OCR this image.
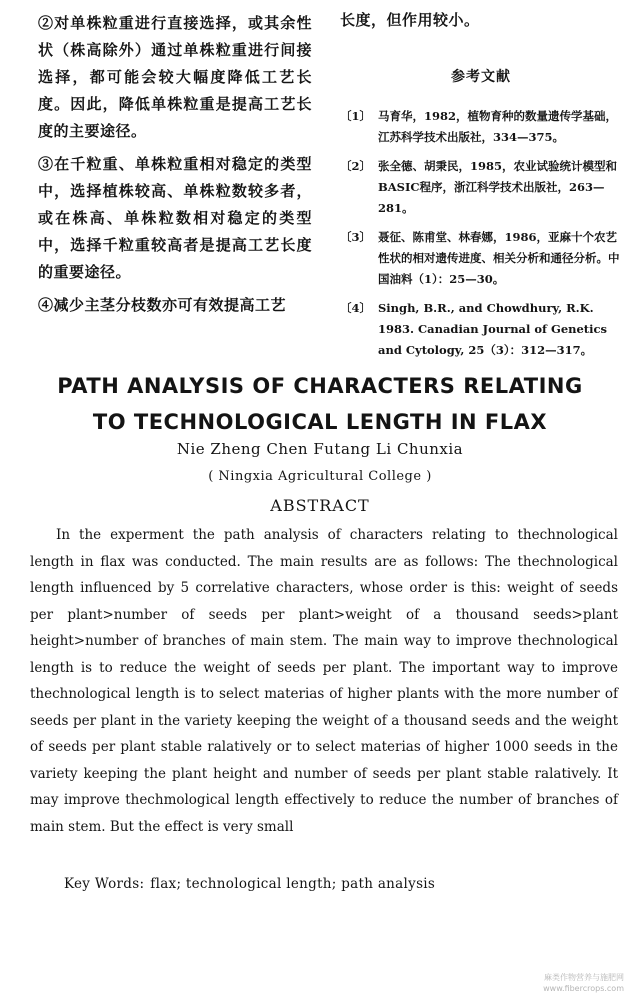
②对单株粒重进行直接选择，或其余性状（株高除外）通过单株粒重进行间接选择，都可能会较大幅度降低工艺长度。因此，降低单株粒重是提高工艺长度的主要途径。

③在千粒重、单株粒重相对稳定的类型中，选择植株较高、单株粒数较多者，或在株高、单株粒数相对稳定的类型中，选择千粒重较高者是提高工艺长度的重要途径。

④减少主茎分枝数亦可有效提高工艺

长度，但作用较小。

参考文献
〔1〕 马育华，1982，植物育种的数量遗传学基础，江苏科学技术出版社，334—375。
〔2〕 张全德、胡秉民，1985，农业试验统计模型和BASIC程序，浙江科学技术出版社，263—281。
〔3〕 聂征、陈甫堂、林春娜，1986，亚麻十个农艺性状的相对遗传进度、相关分析和通径分析。中国油料（1）：25—30。
〔4〕 Singh, B.R., and Chowdhury, R.K. 1983. Canadian Journal of Genetics and Cytology, 25（3）：312—317。
PATH ANALYSIS OF CHARACTERS RELATING
TO TECHNOLOGICAL LENGTH IN FLAX
Nie Zheng Chen Futang Li Chunxia
( Ningxia Agricultural College )
ABSTRACT

In the experment the path analysis of characters relating to thechnological length in flax was conducted. The main results are as follows: The thechnological length influenced by 5 correlative characters, whose order is this: weight of seeds per plant>number of seeds per plant>weight of a thousand seeds>plant height>number of branches of main stem. The main way to improve thechnological length is to reduce the weight of seeds per plant. The important way to improve thechnological length is to select materias of higher plants with the more number of seeds per plant in the variety keeping the weight of a thousand seeds and the weight of seeds per plant stable ralatively or to select materias of higher 1000 seeds in the variety keeping the plant height and number of seeds per plant stable ralatively. It may improve thechmological length effectively to reduce the number of branches of main stem. But the effect is very small

Key Words: flax; technological length; path analysis
麻类作物营养与施肥网
www.fibercrops.com
